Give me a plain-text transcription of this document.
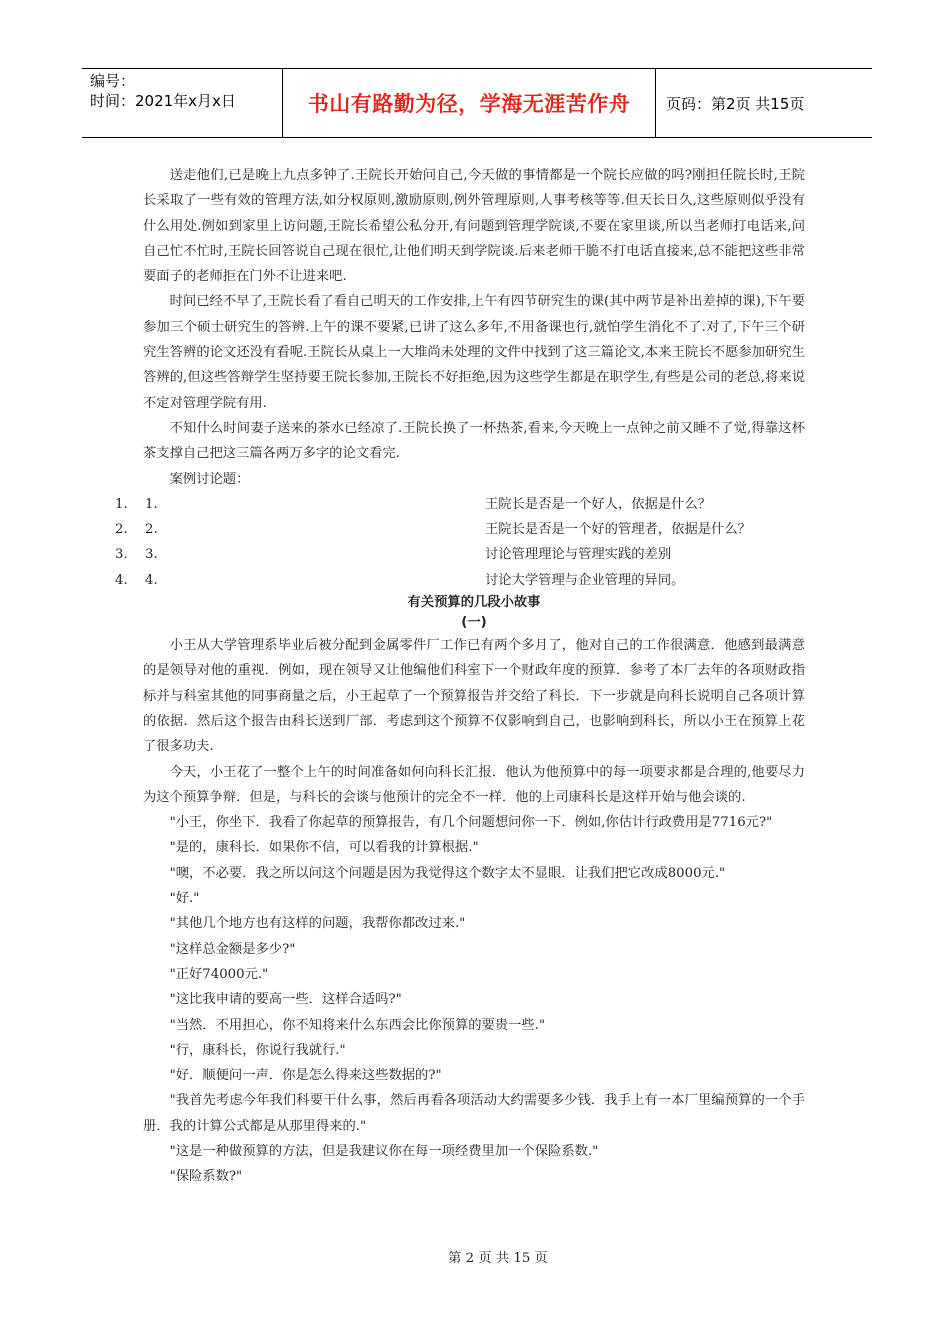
编号：
时间：2021年x月x日	书山有路勤为径，学海无涯苦作舟	页码：第2页 共15页

送走他们,已是晚上九点多钟了.王院长开始问自己,今天做的事情都是一个院长应做的吗?刚担任院长时,王院长采取了一些有效的管理方法,如分权原则,激励原则,例外管理原则,人事考核等等.但天长日久,这些原则似乎没有什么用处.例如到家里上访问题,王院长希望公私分开,有问题到管理学院谈,不要在家里谈,所以当老师打电话来,问自己忙不忙时,王院长回答说自己现在很忙,让他们明天到学院谈.后来老师干脆不打电话直接来,总不能把这些非常要面子的老师拒在门外不让进来吧.

时间已经不早了,王院长看了看自己明天的工作安排,上午有四节研究生的课(其中两节是补出差掉的课),下午要参加三个硕士研究生的答辨.上午的课不要紧,已讲了这么多年,不用备课也行,就怕学生消化不了.对了,下午三个研究生答辨的论文还没有看呢.王院长从桌上一大堆尚未处理的文件中找到了这三篇论文,本来王院长不愿参加研究生答辨的,但这些答辩学生坚持要王院长参加,王院长不好拒绝,因为这些学生都是在职学生,有些是公司的老总,将来说不定对管理学院有用.

不知什么时间妻子送来的茶水已经凉了.王院长换了一杯热茶,看来,今天晚上一点钟之前又睡不了觉,得靠这杯茶支撑自己把这三篇各两万多字的论文看完.

案例讨论题：

1. 1.	王院长是否是一个好人，依据是什么？
2. 2.	王院长是否是一个好的管理者，依据是什么？
3. 3.	讨论管理理论与管理实践的差别
4. 4.	讨论大学管理与企业管理的异同。
有关预算的几段小故事
(一)

小王从大学管理系毕业后被分配到金属零件厂工作已有两个多月了，他对自己的工作很满意．他感到最满意的是领导对他的重视．例如，现在领导又让他编他们科室下一个财政年度的预算．参考了本厂去年的各项财政指标并与科室其他的同事商量之后，小王起草了一个预算报告并交给了科长．下一步就是向科长说明自己各项计算的依据．然后这个报告由科长送到厂部．考虑到这个预算不仅影响到自己，也影响到科长，所以小王在预算上花了很多功夫.

今天，小王花了一整个上午的时间准备如何向科长汇报．他认为他预算中的每一项要求都是合理的,他要尽力为这个预算争辩．但是，与科长的会谈与他预计的完全不一样．他的上司康科长是这样开始与他会谈的.

"小王，你坐下．我看了你起草的预算报告，有几个问题想问你一下．例如,你估计行政费用是7716元?"

"是的，康科长．如果你不信，可以看我的计算根据."

"噢，不必要．我之所以问这个问题是因为我觉得这个数字太不显眼．让我们把它改成8000元."

"好."

"其他几个地方也有这样的问题，我帮你都改过来."

"这样总金额是多少?"

"正好74000元."

"这比我申请的要高一些．这样合适吗?"

"当然．不用担心，你不知将来什么东西会比你预算的要贵一些."

"行，康科长，你说行我就行."

"好．顺便问一声．你是怎么得来这些数据的?"

"我首先考虑今年我们科要干什么事，然后再看各项活动大约需要多少钱．我手上有一本厂里编预算的一个手册．我的计算公式都是从那里得来的."

"这是一种做预算的方法，但是我建议你在每一项经费里加一个保险系数."

"保险系数?"

第 2 页 共 15 页
